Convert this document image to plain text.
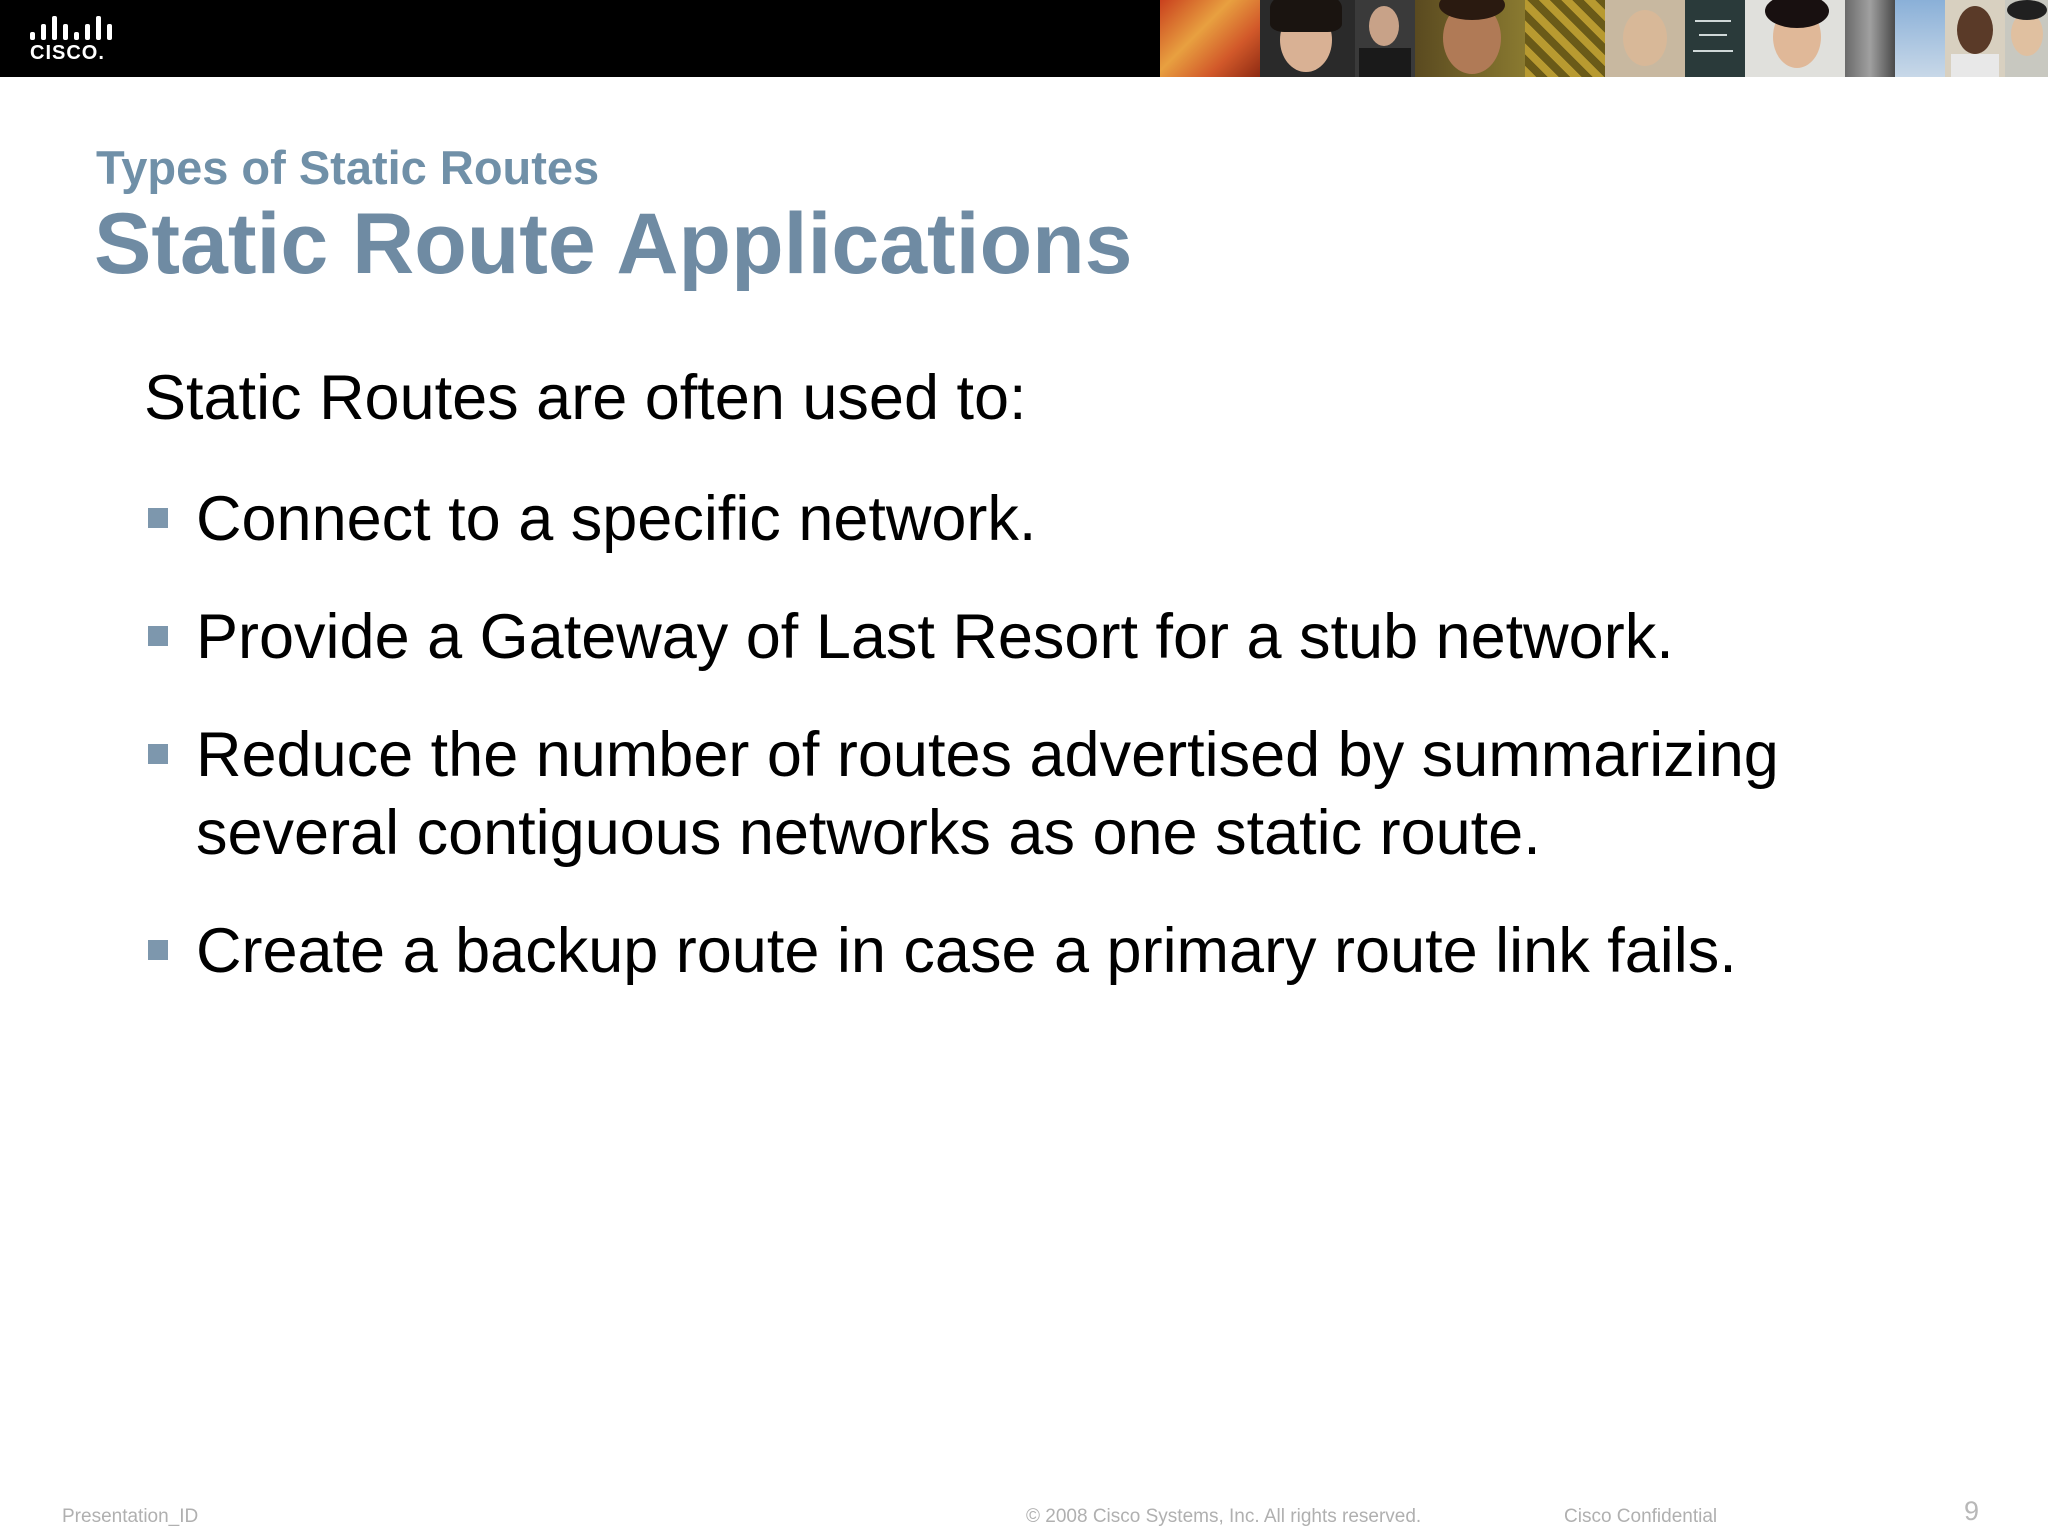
CISCO.
Types of Static Routes
Static Route Applications

Static Routes are often used to:

Connect to a specific network.
Provide a Gateway of Last Resort for a stub network.
Reduce the number of routes advertised by summarizing several contiguous networks as one static route.
Create a backup route in case a primary route link fails.
Presentation_ID	© 2008 Cisco Systems, Inc. All rights reserved.	Cisco Confidential	9
